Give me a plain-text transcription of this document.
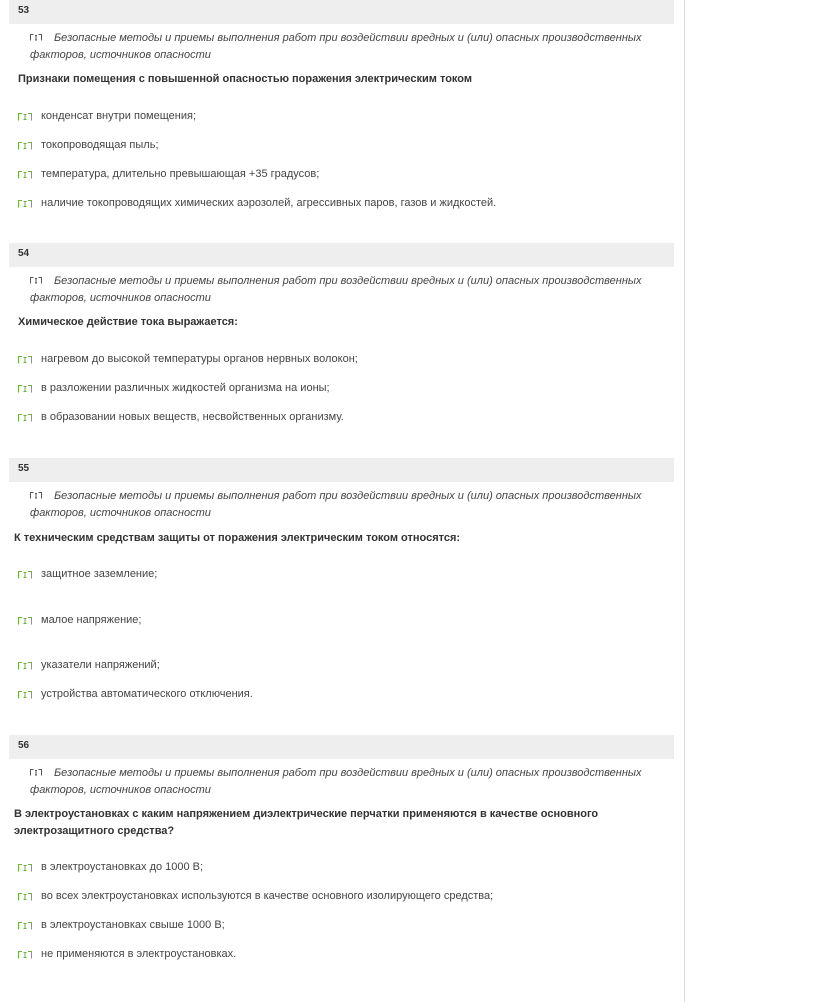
53
Безопасные методы и приемы выполнения работ при воздействии вредных и (или) опасных производственных факторов, источников опасности
Признаки помещения с повышенной опасностью поражения электрическим током
конденсат внутри помещения;
токопроводящая пыль;
температура, длительно превышающая +35 градусов;
наличие токопроводящих химических аэрозолей, агрессивных паров, газов и жидкостей.
54
Безопасные методы и приемы выполнения работ при воздействии вредных и (или) опасных производственных факторов, источников опасности
Химическое действие тока выражается:
нагревом до высокой температуры органов нервных волокон;
в разложении различных жидкостей организма на ионы;
в образовании новых веществ, несвойственных организму.
55
Безопасные методы и приемы выполнения работ при воздействии вредных и (или) опасных производственных факторов, источников опасности
К техническим средствам защиты от поражения электрическим током относятся:
защитное заземление;
малое напряжение;
указатели напряжений;
устройства автоматического отключения.
56
Безопасные методы и приемы выполнения работ при воздействии вредных и (или) опасных производственных факторов, источников опасности
В электроустановках с каким напряжением диэлектрические перчатки применяются в качестве основного электрозащитного средства?
в электроустановках до 1000 В;
во всех электроустановках используются в качестве основного изолирующего средства;
в электроустановках свыше 1000 В;
не применяются в электроустановках.
